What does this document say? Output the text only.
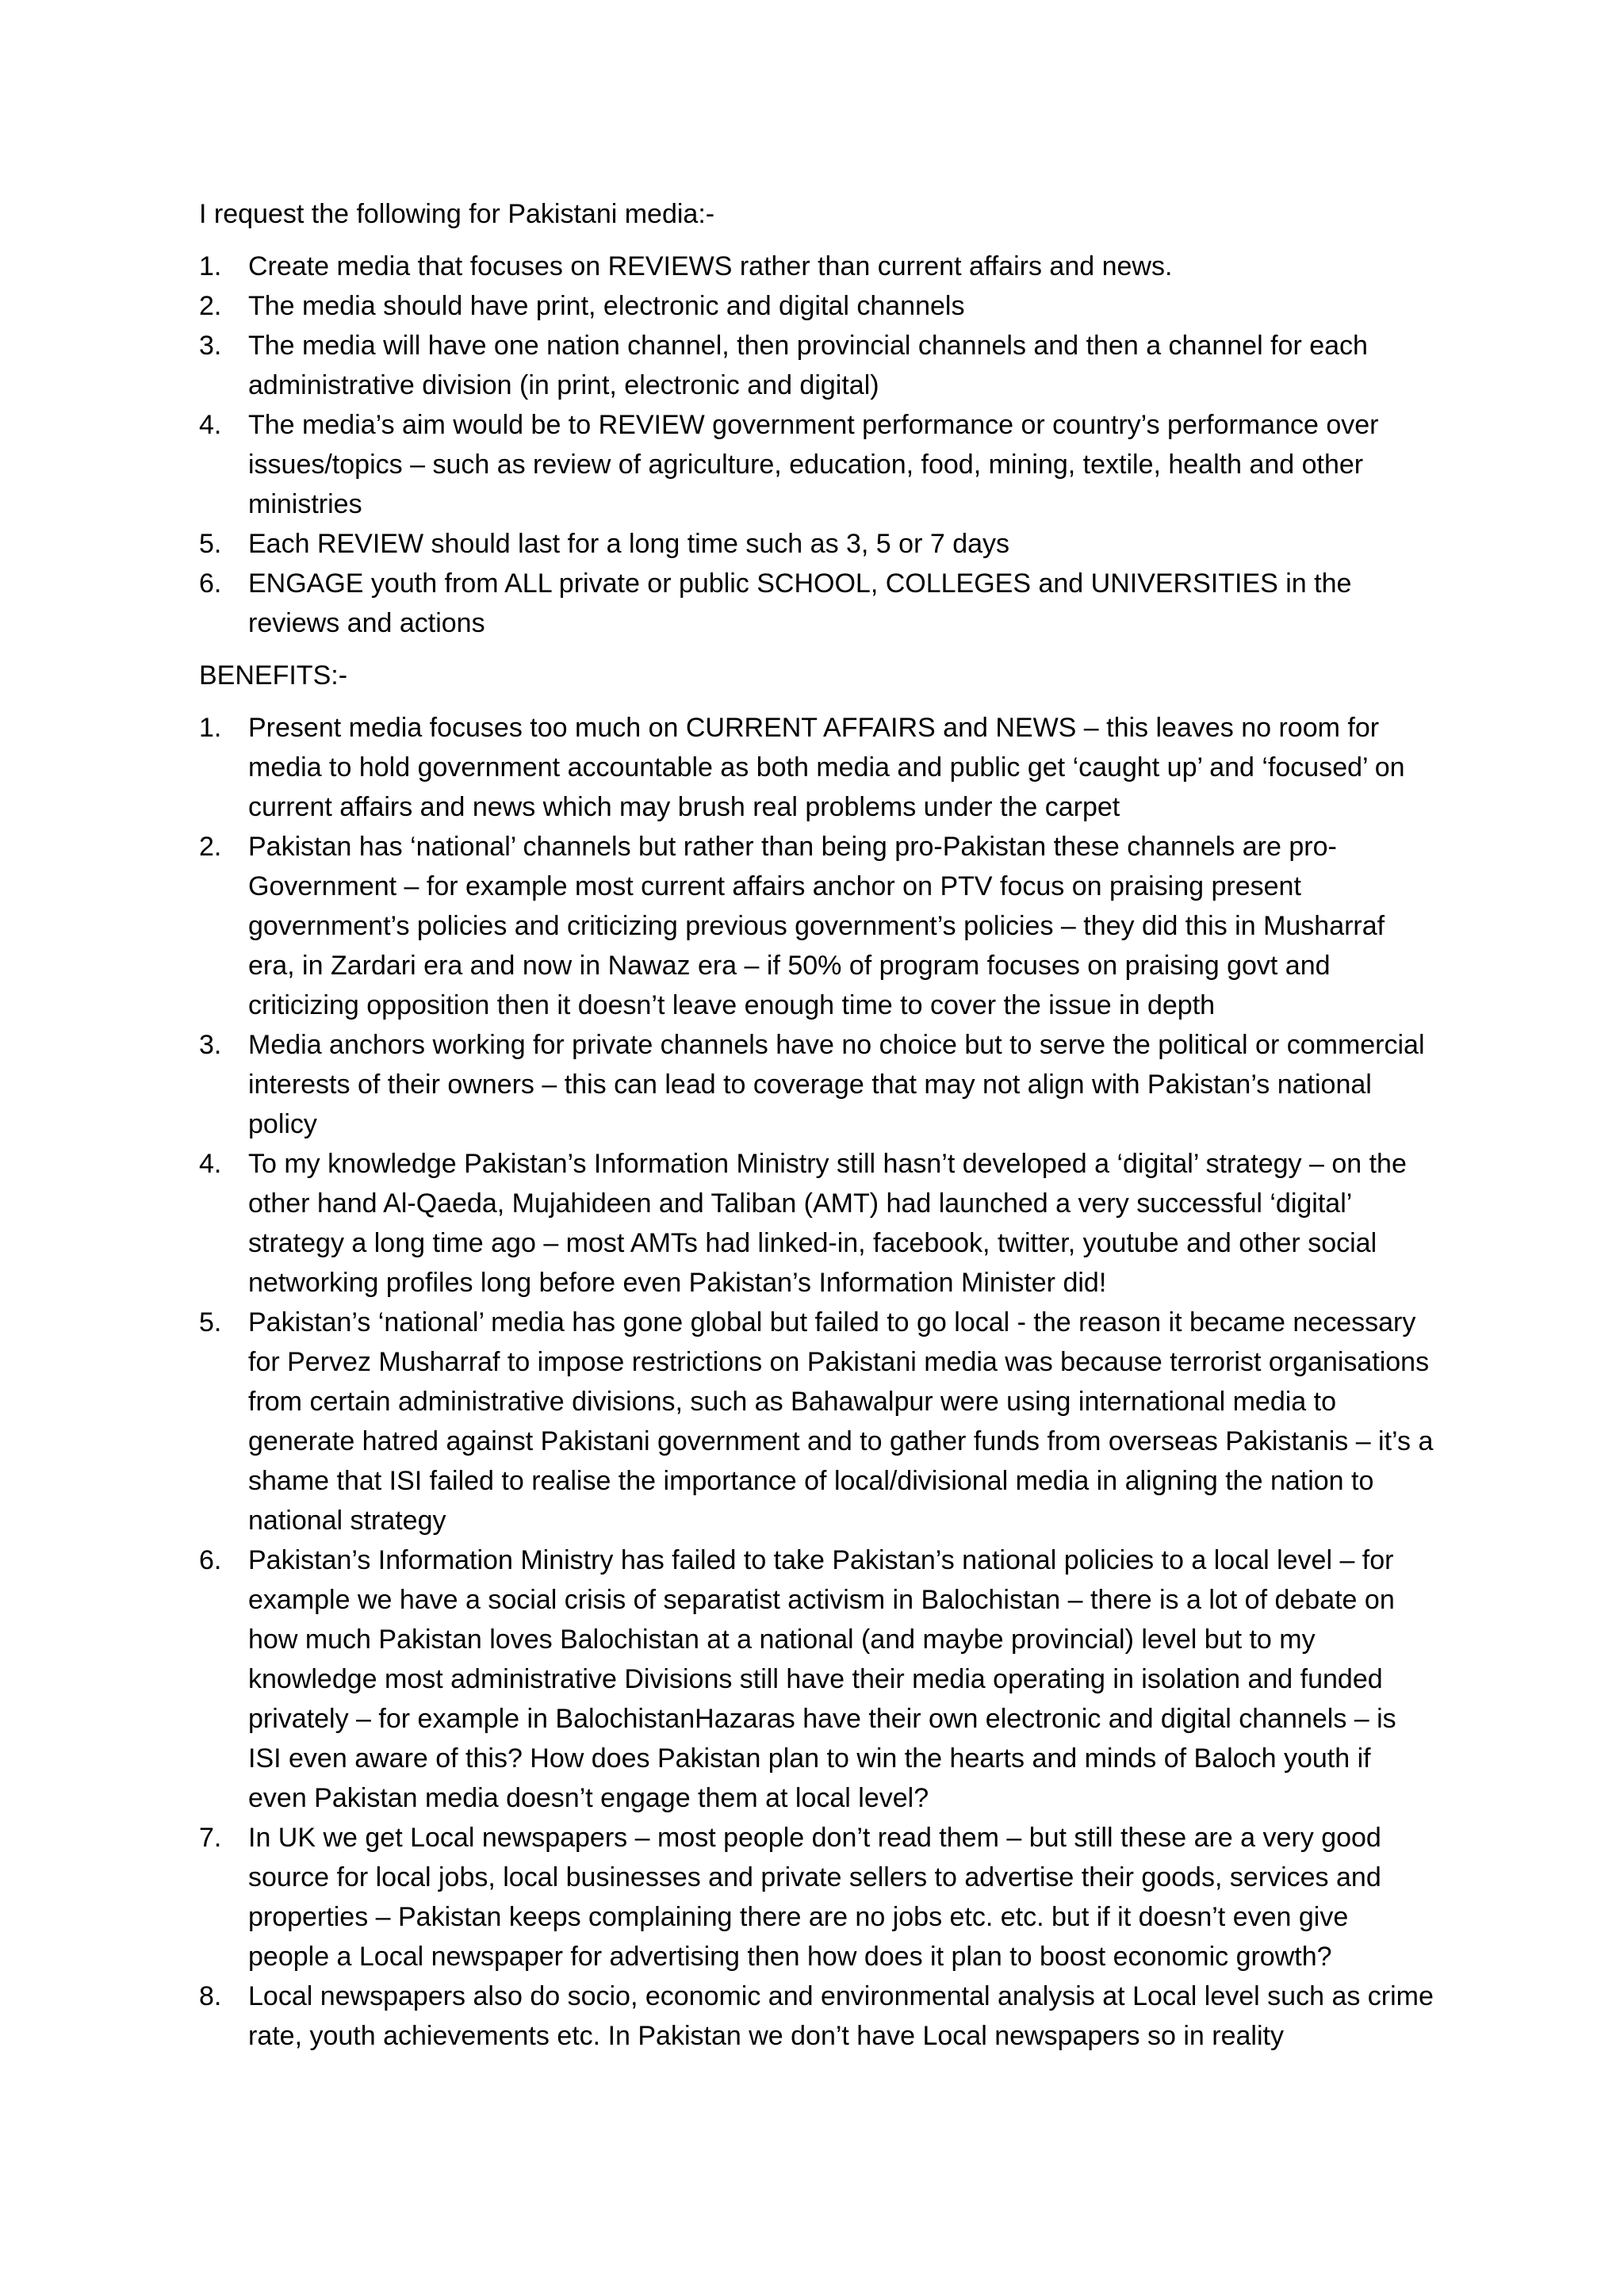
I request the following for Pakistani media:-

1. Create media that focuses on REVIEWS rather than current affairs and news.
2. The media should have print, electronic and digital channels
3. The media will have one nation channel, then provincial channels and then a channel for each administrative division (in print, electronic and digital)
4. The media’s aim would be to REVIEW government performance or country’s performance over issues/topics – such as review of agriculture, education, food, mining, textile, health and other ministries
5. Each REVIEW should last for a long time such as 3, 5 or 7 days
6. ENGAGE youth from ALL private or public SCHOOL, COLLEGES and UNIVERSITIES in the reviews and actions

BENEFITS:-

1. Present media focuses too much on CURRENT AFFAIRS and NEWS – this leaves no room for media to hold government accountable as both media and public get ‘caught up’ and ‘focused’ on current affairs and news which may brush real problems under the carpet
2. Pakistan has ‘national’ channels but rather than being pro-Pakistan these channels are pro-Government – for example most current affairs anchor on PTV focus on praising present government’s policies and criticizing previous government’s policies – they did this in Musharraf era, in Zardari era and now in Nawaz era – if 50% of program focuses on praising govt and criticizing opposition then it doesn’t leave enough time to cover the issue in depth
3. Media anchors working for private channels have no choice but to serve the political or commercial interests of their owners – this can lead to coverage that may not align with Pakistan’s national policy
4. To my knowledge Pakistan’s Information Ministry still hasn’t developed a ‘digital’ strategy – on the other hand Al-Qaeda, Mujahideen and Taliban (AMT) had launched a very successful ‘digital’ strategy a long time ago – most AMTs had linked-in, facebook, twitter, youtube and other social networking profiles long before even Pakistan’s Information Minister did!
5. Pakistan’s ‘national’ media has gone global but failed to go local - the reason it became necessary for Pervez Musharraf to impose restrictions on Pakistani media was because terrorist organisations from certain administrative divisions, such as Bahawalpur were using international media to generate hatred against Pakistani government and to gather funds from overseas Pakistanis – it’s a shame that ISI failed to realise the importance of local/divisional media in aligning the nation to national strategy
6. Pakistan’s Information Ministry has failed to take Pakistan’s national policies to a local level – for example we have a social crisis of separatist activism in Balochistan – there is a lot of debate on how much Pakistan loves Balochistan at a national (and maybe provincial) level but to my knowledge most administrative Divisions still have their media operating in isolation and funded privately – for example in BalochistanHazaras have their own electronic and digital channels – is ISI even aware of this? How does Pakistan plan to win the hearts and minds of Baloch youth if even Pakistan media doesn’t engage them at local level?
7. In UK we get Local newspapers – most people don’t read them – but still these are a very good source for local jobs, local businesses and private sellers to advertise their goods, services and properties – Pakistan keeps complaining there are no jobs etc. etc. but if it doesn’t even give people a Local newspaper for advertising then how does it plan to boost economic growth?
8. Local newspapers also do socio, economic and environmental analysis at Local level such as crime rate, youth achievements etc. In Pakistan we don’t have Local newspapers so in reality
